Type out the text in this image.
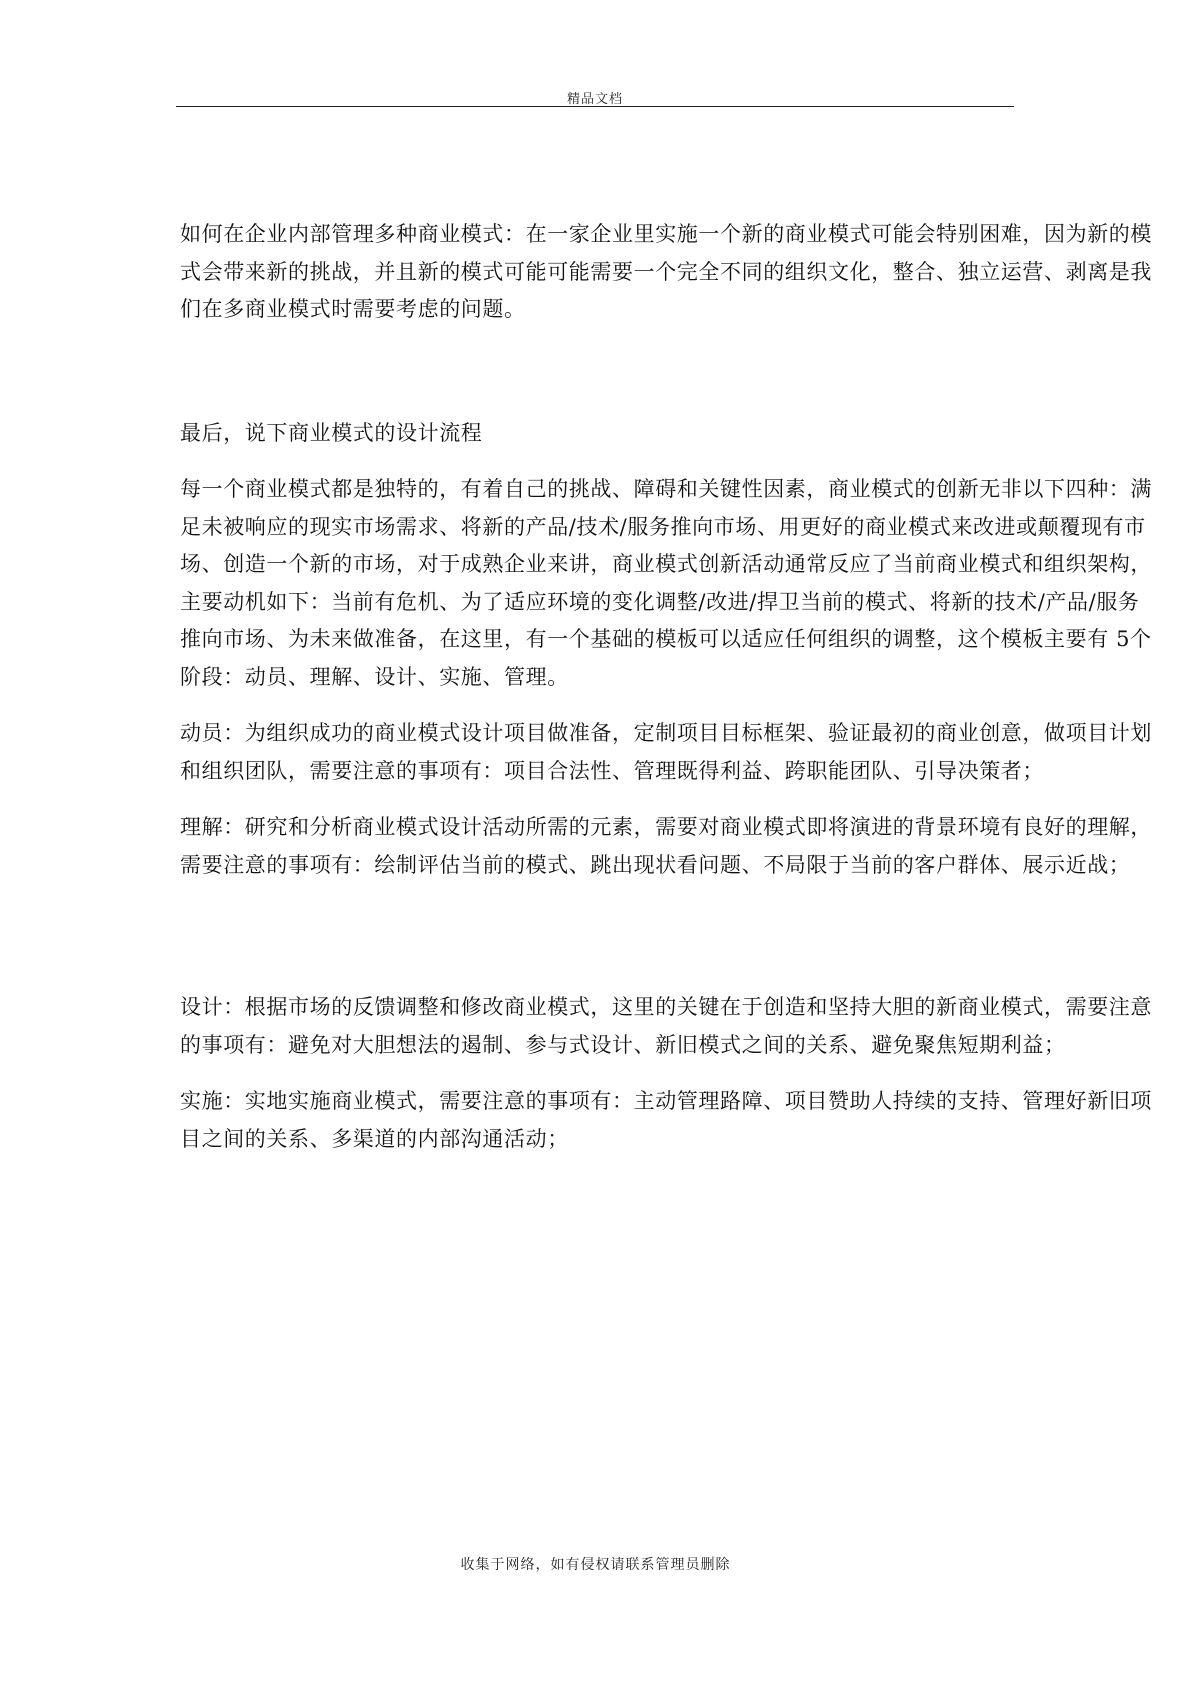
精品文档

如何在企业内部管理多种商业模式：在一家企业里实施一个新的商业模式可能会特别困难，因为新的模式会带来新的挑战，并且新的模式可能可能需要一个完全不同的组织文化，整合、独立运营、剥离是我们在多商业模式时需要考虑的问题。

最后，说下商业模式的设计流程

每一个商业模式都是独特的，有着自己的挑战、障碍和关键性因素，商业模式的创新无非以下四种：满足未被响应的现实市场需求、将新的产品/技术/服务推向市场、用更好的商业模式来改进或颠覆现有市场、创造一个新的市场，对于成熟企业来讲，商业模式创新活动通常反应了当前商业模式和组织架构，主要动机如下：当前有危机、为了适应环境的变化调整/改进/捍卫当前的模式、将新的技术/产品/服务推向市场、为未来做准备，在这里，有一个基础的模板可以适应任何组织的调整，这个模板主要有 5个阶段：动员、理解、设计、实施、管理。

动员：为组织成功的商业模式设计项目做准备，定制项目目标框架、验证最初的商业创意，做项目计划和组织团队，需要注意的事项有：项目合法性、管理既得利益、跨职能团队、引导决策者；

理解：研究和分析商业模式设计活动所需的元素，需要对商业模式即将演进的背景环境有良好的理解，需要注意的事项有：绘制评估当前的模式、跳出现状看问题、不局限于当前的客户群体、展示近战；

设计：根据市场的反馈调整和修改商业模式，这里的关键在于创造和坚持大胆的新商业模式，需要注意的事项有：避免对大胆想法的遏制、参与式设计、新旧模式之间的关系、避免聚焦短期利益；

实施：实地实施商业模式，需要注意的事项有：主动管理路障、项目赞助人持续的支持、管理好新旧项目之间的关系、多渠道的内部沟通活动；

收集于网络，如有侵权请联系管理员删除
